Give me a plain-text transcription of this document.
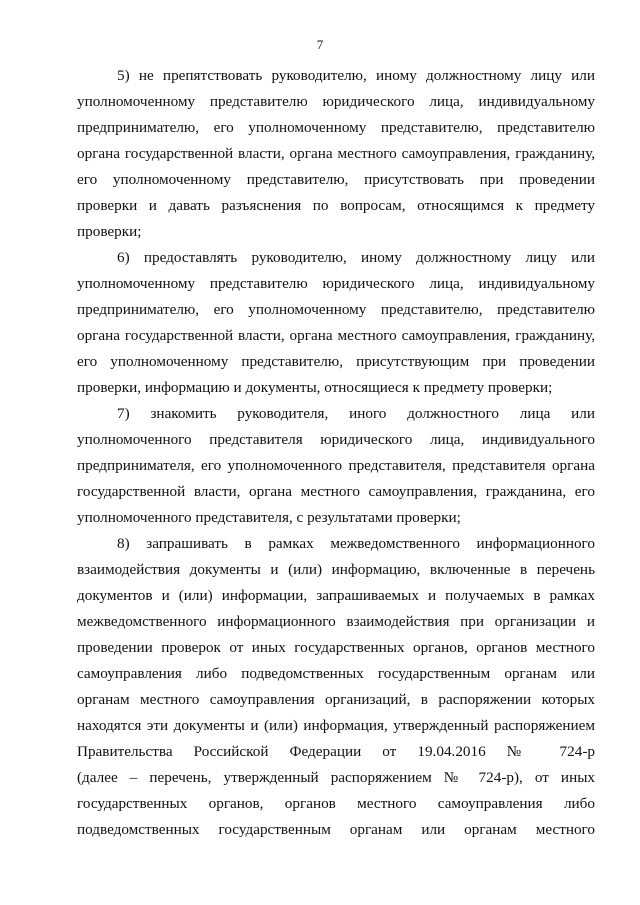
7
5) не препятствовать руководителю, иному должностному лицу или
уполномоченному представителю юридического лица, индивидуальному
предпринимателю, его уполномоченному представителю, представителю
органа государственной власти, органа местного самоуправления, гражданину,
его уполномоченному представителю, присутствовать при проведении
проверки и давать разъяснения по вопросам, относящимся к предмету
проверки;
6) предоставлять руководителю, иному должностному лицу или
уполномоченному представителю юридического лица, индивидуальному
предпринимателю, его уполномоченному представителю, представителю
органа государственной власти, органа местного самоуправления, гражданину,
его уполномоченному представителю, присутствующим при проведении
проверки, информацию и документы, относящиеся к предмету проверки;
7) знакомить руководителя, иного должностного лица или
уполномоченного представителя юридического лица, индивидуального
предпринимателя, его уполномоченного представителя, представителя органа
государственной власти, органа местного самоуправления, гражданина, его
уполномоченного представителя, с результатами проверки;
8) запрашивать в рамках межведомственного информационного
взаимодействия документы и (или) информацию, включенные в перечень
документов и (или) информации, запрашиваемых и получаемых в рамках
межведомственного информационного взаимодействия при организации и
проведении проверок от иных государственных органов, органов местного
самоуправления либо подведомственных государственным органам или
органам местного самоуправления организаций, в распоряжении которых
находятся эти документы и (или) информация, утвержденный распоряжением
Правительства Российской Федерации от 19.04.2016 № 724-р
(далее – перечень, утвержденный распоряжением № 724-р), от иных
государственных органов, органов местного самоуправления либо
подведомственных государственным органам или органам местного
